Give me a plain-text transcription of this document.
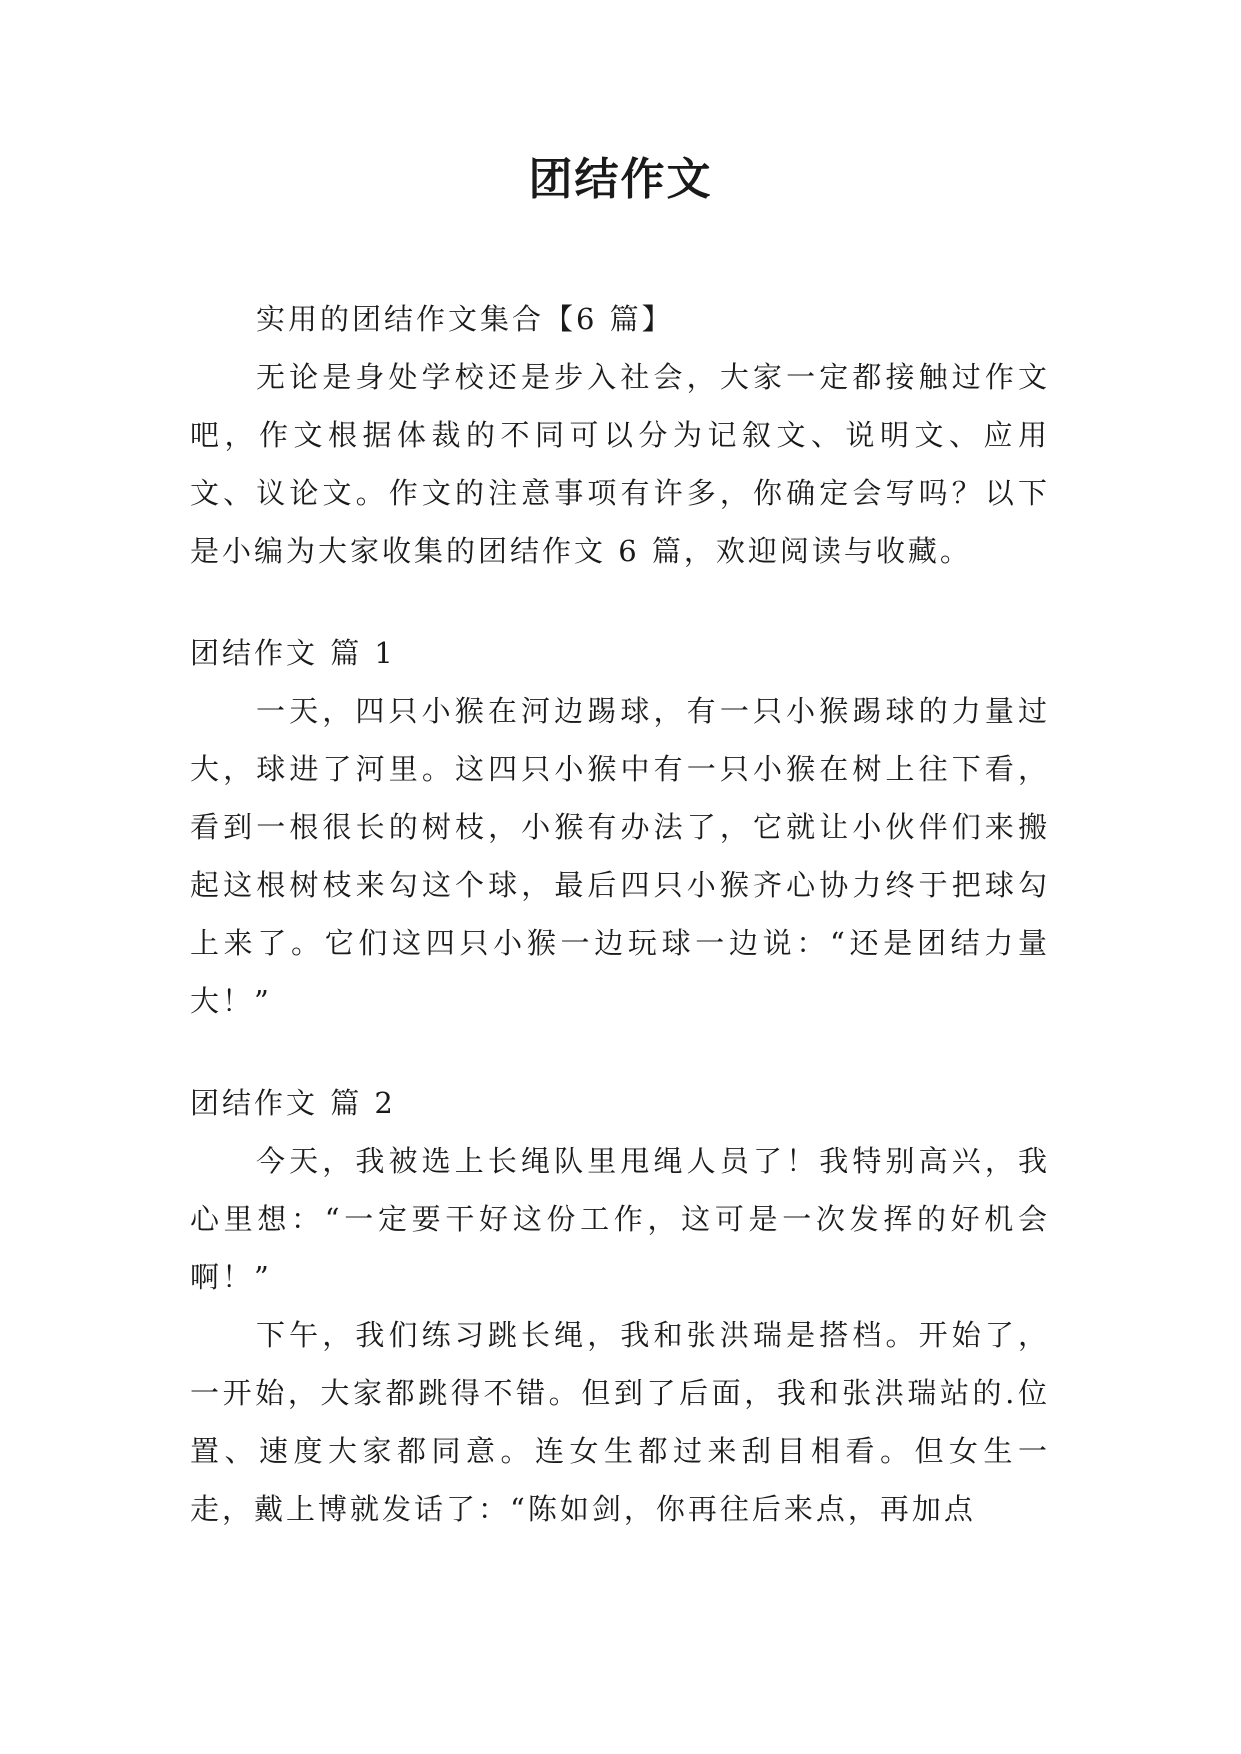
团结作文

实用的团结作文集合【6 篇】

无论是身处学校还是步入社会，大家一定都接触过作文吧，作文根据体裁的不同可以分为记叙文、说明文、应用文、议论文。作文的注意事项有许多，你确定会写吗？以下是小编为大家收集的团结作文 6 篇，欢迎阅读与收藏。

团结作文 篇 1

一天，四只小猴在河边踢球，有一只小猴踢球的力量过大，球进了河里。这四只小猴中有一只小猴在树上往下看，看到一根很长的树枝，小猴有办法了，它就让小伙伴们来搬起这根树枝来勾这个球，最后四只小猴齐心协力终于把球勾上来了。它们这四只小猴一边玩球一边说：“还是团结力量大！”

团结作文 篇 2

今天，我被选上长绳队里甩绳人员了！我特别高兴，我心里想：“一定要干好这份工作，这可是一次发挥的好机会啊！”

下午，我们练习跳长绳，我和张洪瑞是搭档。开始了，一开始，大家都跳得不错。但到了后面，我和张洪瑞站的.位置、速度大家都同意。连女生都过来刮目相看。但女生一走，戴上博就发话了：“陈如剑，你再往后来点，再加点
